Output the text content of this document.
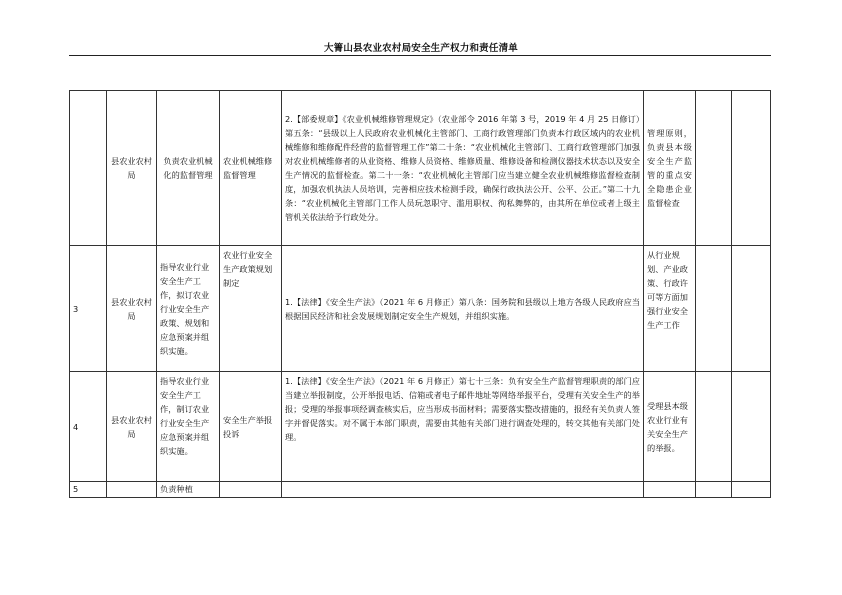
大箐山县农业农村局安全生产权力和责任清单
	县农业农村局	负责农业机械化的监督管理	农业机械维修监督管理	2.【部委规章】《农业机械维修管理规定》（农业部令 2016 年第 3 号，2019 年 4 月 25 日修订）第五条：“县级以上人民政府农业机械化主管部门、工商行政管理部门负责本行政区域内的农业机械维修和维修配件经营的监督管理工作”第二十条：“农业机械化主管部门、工商行政管理部门加强对农业机械维修者的从业资格、维修人员资格、维修质量、维修设备和检测仪器技术状态以及安全生产情况的监督检查。第二十一条：“农业机械化主管部门应当建立健全农业机械维修监督检查制度，加强农机执法人员培训，完善相应技术检测手段，确保行政执法公开、公平、公正。”第二十九条：“农业机械化主管部门工作人员玩忽职守、滥用职权、徇私舞弊的，由其所在单位或者上级主管机关依法给予行政处分。	管理原则，负责县本级安全生产监管的重点安全隐患企业监督检查		
3	县农业农村局	指导农业行业安全生产工作，拟订农业行业安全生产政策、规划和应急预案并组织实施。	农业行业安全生产政策规划制定	1.【法律】《安全生产法》（2021 年 6 月修正）第八条：国务院和县级以上地方各级人民政府应当根据国民经济和社会发展规划制定安全生产规划，并组织实施。	从行业规划、产业政策、行政许可等方面加强行业安全生产工作		
4	县农业农村局	指导农业行业安全生产工作，制订农业行业安全生产应急预案并组织实施。	安全生产举报投诉	1.【法律】《安全生产法》（2021 年 6 月修正）第七十三条：负有安全生产监督管理职责的部门应当建立举报制度，公开举报电话、信箱或者电子邮件地址等网络举报平台，受理有关安全生产的举报；受理的举报事项经调查核实后，应当形成书面材料；需要落实整改措施的，报经有关负责人签字并督促落实。对不属于本部门职责，需要由其他有关部门进行调查处理的，转交其他有关部门处理。	受理县本级农业行业有关安全生产的举报。		
5		负责种植					
